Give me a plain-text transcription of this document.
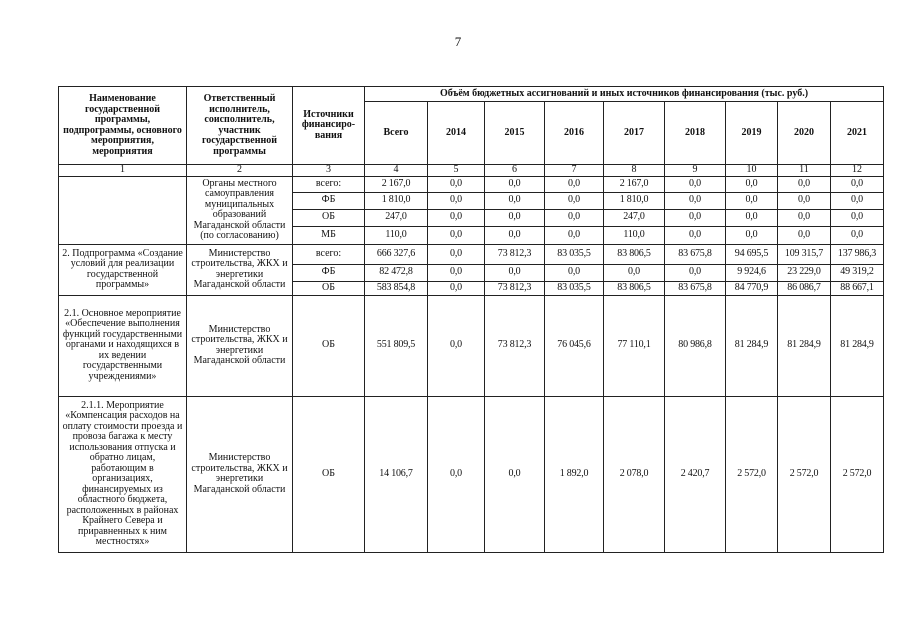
7
Наименование государственной программы, подпрограммы, основного мероприятия, мероприятия	Ответственный исполнитель, соисполнитель, участник государственной программы	Источники финансиро-вания	Объём бюджетных ассигнований и иных источников финансирования (тыс. руб.)								
			Всего	2014	2015	2016	2017	2018	2019	2020	2021
1	2	3	4	5	6	7	8	9	10	11	12
	Органы местного самоуправления муниципальных образований Магаданской области (по согласованию)	всего:	2 167,0	0,0	0,0	0,0	2 167,0	0,0	0,0	0,0	0,0
		ФБ	1 810,0	0,0	0,0	0,0	1 810,0	0,0	0,0	0,0	0,0
		ОБ	247,0	0,0	0,0	0,0	247,0	0,0	0,0	0,0	0,0
		МБ	110,0	0,0	0,0	0,0	110,0	0,0	0,0	0,0	0,0
2. Подпрограмма «Создание условий для реализации государственной программы»	Министерство строительства, ЖКХ и энергетики Магаданской области	всего:	666 327,6	0,0	73 812,3	83 035,5	83 806,5	83 675,8	94 695,5	109 315,7	137 986,3
		ФБ	82 472,8	0,0	0,0	0,0	0,0	0,0	9 924,6	23 229,0	49 319,2
		ОБ	583 854,8	0,0	73 812,3	83 035,5	83 806,5	83 675,8	84 770,9	86 086,7	88 667,1
2.1. Основное мероприятие «Обеспечение выполнения функций государственными органами и находящихся в их ведении государственными учреждениями»	Министерство строительства, ЖКХ и энергетики Магаданской области	ОБ	551 809,5	0,0	73 812,3	76 045,6	77 110,1	80 986,8	81 284,9	81 284,9	81 284,9
2.1.1. Мероприятие «Компенсация расходов на оплату стоимости проезда и провоза багажа к месту использования отпуска и обратно лицам, работающим в организациях, финансируемых из областного бюджета, расположенных в районах Крайнего Севера и приравненных к ним местностях»	Министерство строительства, ЖКХ и энергетики Магаданской области	ОБ	14 106,7	0,0	0,0	1 892,0	2 078,0	2 420,7	2 572,0	2 572,0	2 572,0
